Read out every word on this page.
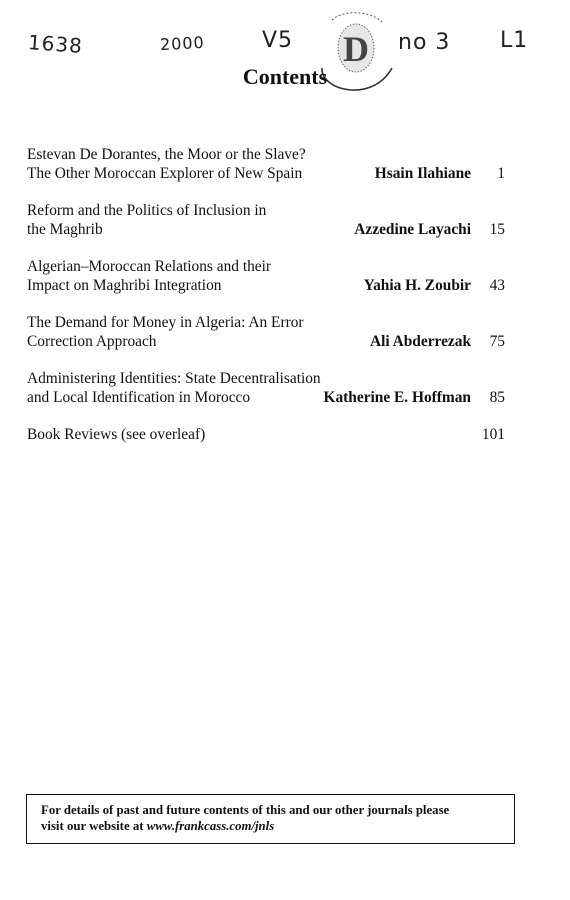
1638	2000	V5	no 3 L1
D
Contents
Estevan De Dorantes, the Moor or the Slave?
The Other Moroccan Explorer of New Spain	Hsain Ilahiane	1
Reform and the Politics of Inclusion in
the Maghrib	Azzedine Layachi	15
Algerian–Moroccan Relations and their
Impact on Maghribi Integration	Yahia H. Zoubir	43
The Demand for Money in Algeria: An Error
Correction Approach	Ali Abderrezak	75
Administering Identities: State Decentralisation
and Local Identification in Morocco	Katherine E. Hoffman	85
Book Reviews (see overleaf)	101
For details of past and future contents of this and our other journals please
visit our website at www.frankcass.com/jnls
